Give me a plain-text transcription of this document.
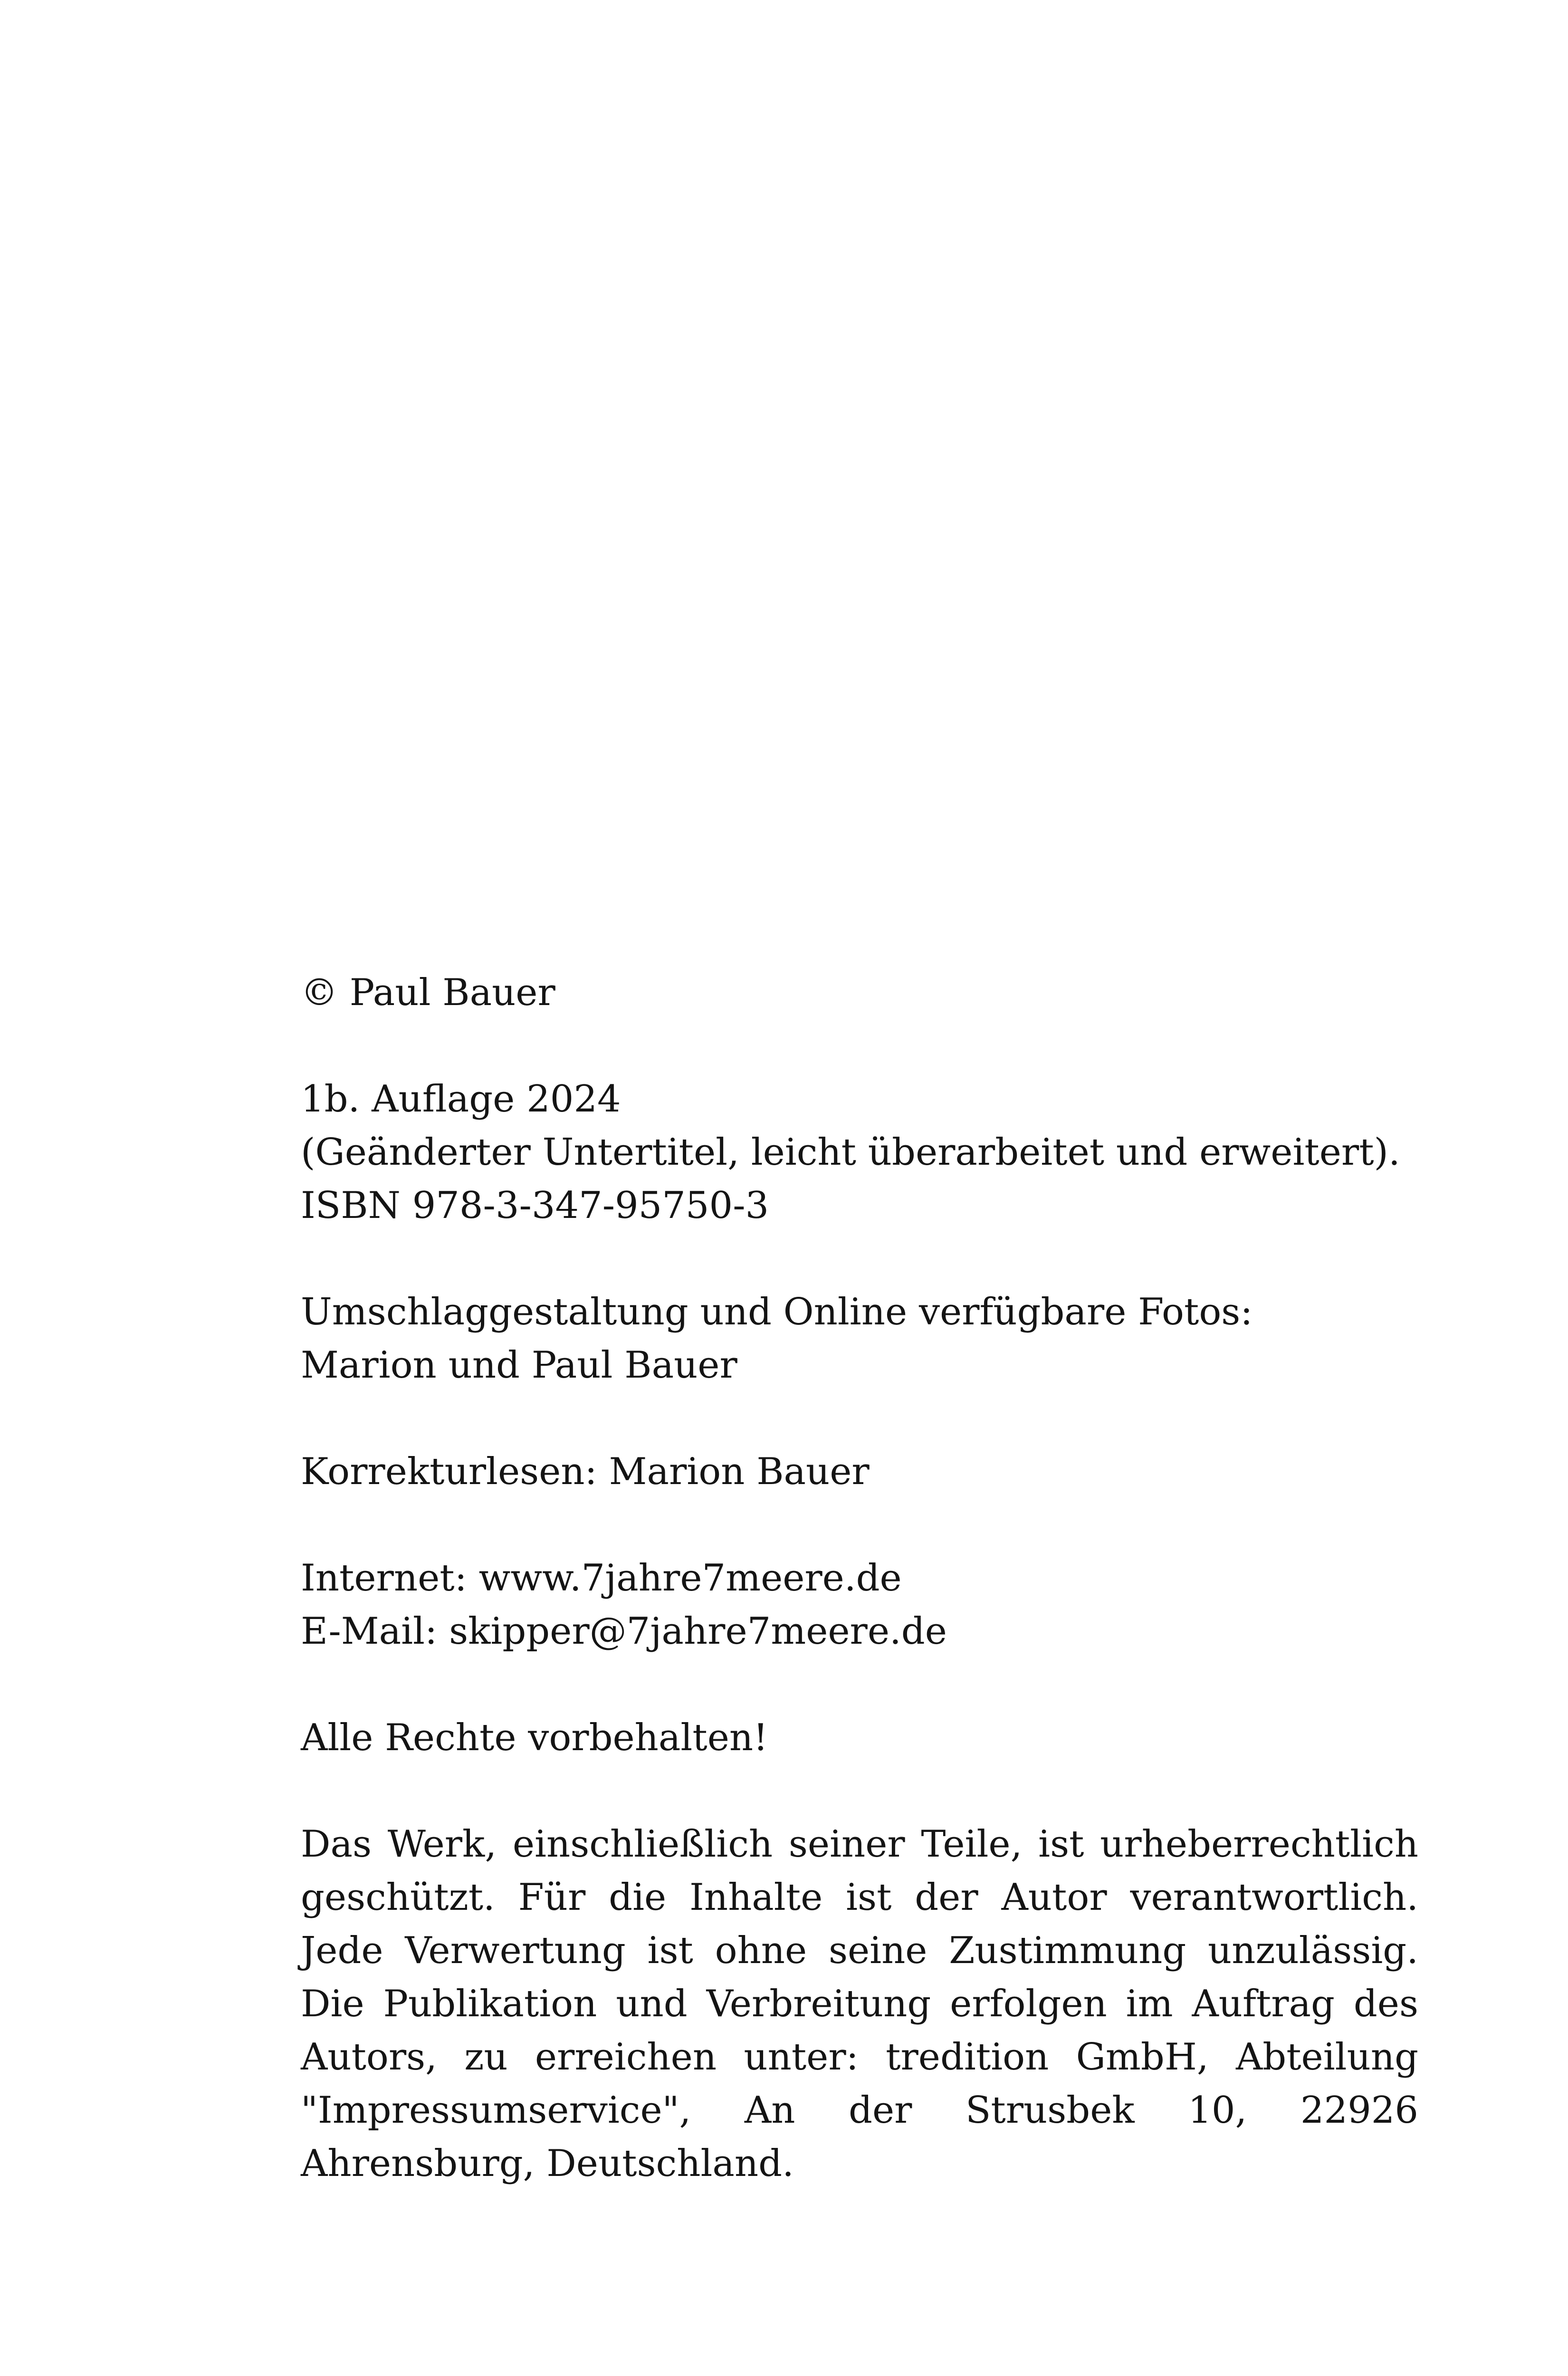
© Paul Bauer

1b. Auflage 2024

(Geänderter Untertitel, leicht überarbeitet und erweitert).

ISBN 978-3-347-95750-3

Umschlaggestaltung und Online verfügbare Fotos:

Marion und Paul Bauer

Korrekturlesen: Marion Bauer

Internet: www.7jahre7meere.de

E-Mail: skipper@7jahre7meere.de

Alle Rechte vorbehalten!

Das Werk, einschließlich seiner Teile, ist urheberrechtlich geschützt. Für die Inhalte ist der Autor verantwortlich. Jede Verwertung ist ohne seine Zustimmung unzulässig. Die Publikation und Verbreitung erfolgen im Auftrag des Autors, zu erreichen unter: tredition GmbH, Abteilung "Impressumservice", An der Strusbek 10, 22926 Ahrensburg, Deutschland.
